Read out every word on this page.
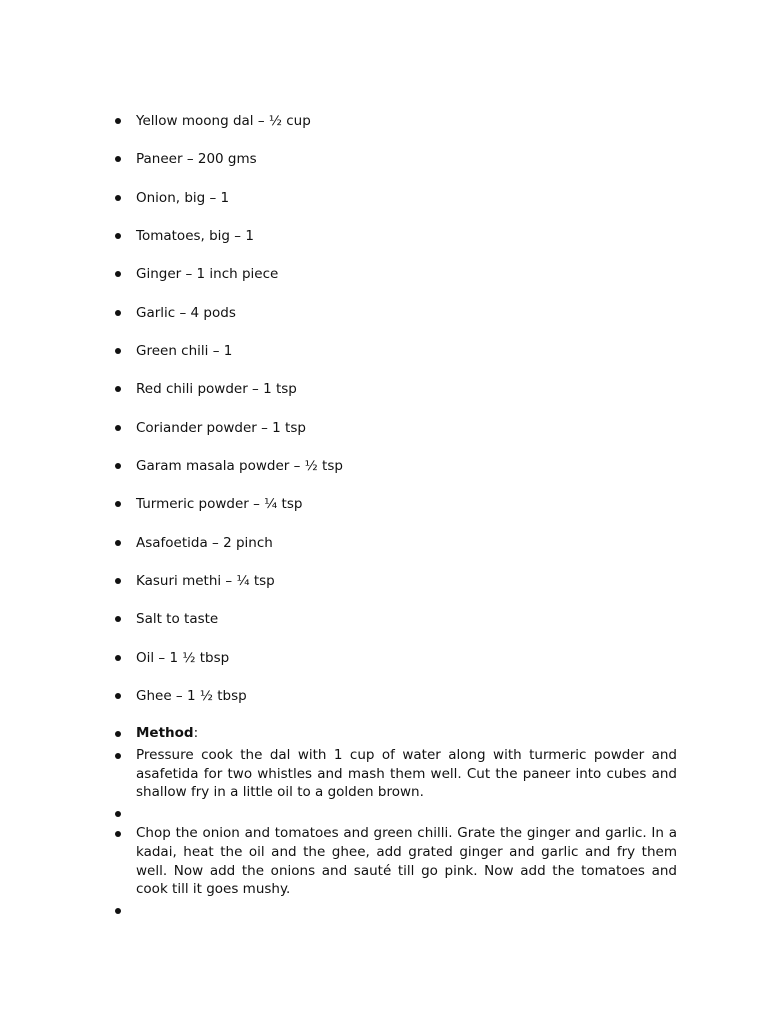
Yellow moong dal – ½ cup
Paneer – 200 gms
Onion, big – 1
Tomatoes, big – 1
Ginger – 1 inch piece
Garlic – 4 pods
Green chili – 1
Red chili powder – 1 tsp
Coriander powder – 1 tsp
Garam masala powder – ½ tsp
Turmeric powder – ¼ tsp
Asafoetida – 2 pinch
Kasuri methi – ¼ tsp
Salt to taste
Oil – 1 ½ tbsp
Ghee – 1 ½ tbsp
Method:
Pressure cook the dal with 1 cup of water along with turmeric powder and asafetida for two whistles and mash them well. Cut the paneer into cubes and shallow fry in a little oil to a golden brown.
Chop the onion and tomatoes and green chilli. Grate the ginger and garlic. In a kadai, heat the oil and the ghee, add grated ginger and garlic and fry them well. Now add the onions and sauté till go pink. Now add the tomatoes and cook till it goes mushy.
